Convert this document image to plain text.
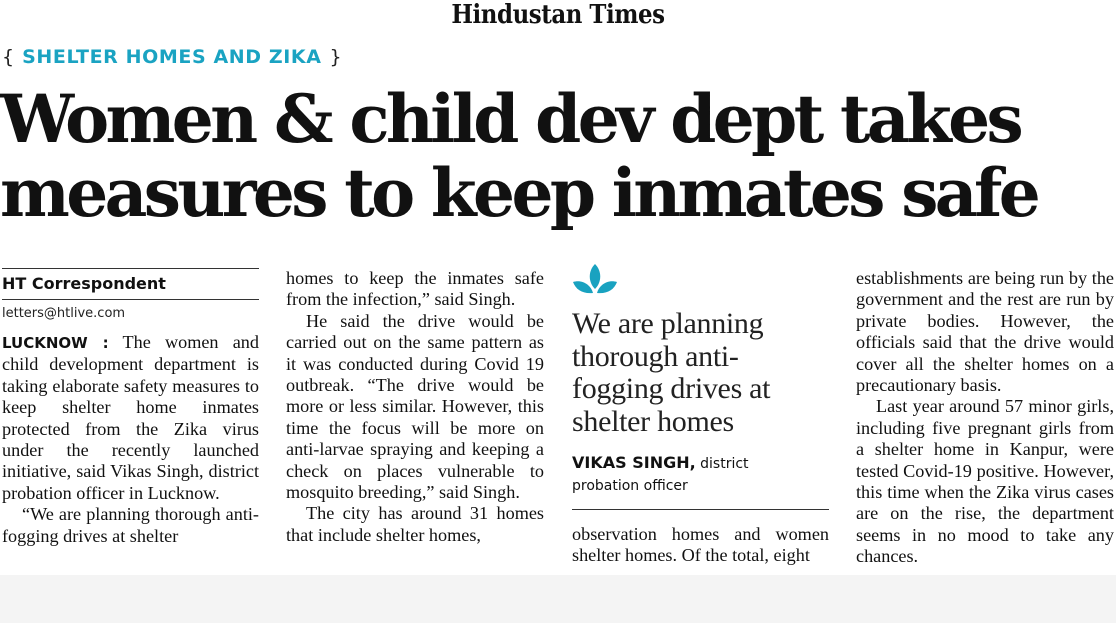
Hindustan Times
{ SHELTER HOMES AND ZIKA }
Women & child dev dept takes
measures to keep inmates safe
HT Correspondent
letters@htlive.com

LUCKNOW : The women and child development department is taking elaborate safety measures to keep shelter home inmates protected from the Zika virus under the recently launched initiative, said Vikas Singh, district probation officer in Lucknow.

“We are planning thorough anti-fogging drives at shelter

homes to keep the inmates safe from the infection,” said Singh.

He said the drive would be carried out on the same pattern as it was conducted during Covid 19 outbreak. “The drive would be more or less similar. However, this time the focus will be more on anti-larvae spraying and keeping a check on places vulnerable to mosquito breeding,” said Singh.

The city has around 31 homes that include shelter homes,

We are planning thorough anti-fogging drives at shelter homes
VIKAS SINGH, district
probation officer

observation homes and women shelter homes. Of the total, eight

establishments are being run by the government and the rest are run by private bodies. However, the officials said that the drive would cover all the shelter homes on a precautionary basis.

Last year around 57 minor girls, including five pregnant girls from a shelter home in Kanpur, were tested Covid-19 positive. However, this time when the Zika virus cases are on the rise, the department seems in no mood to take any chances.
